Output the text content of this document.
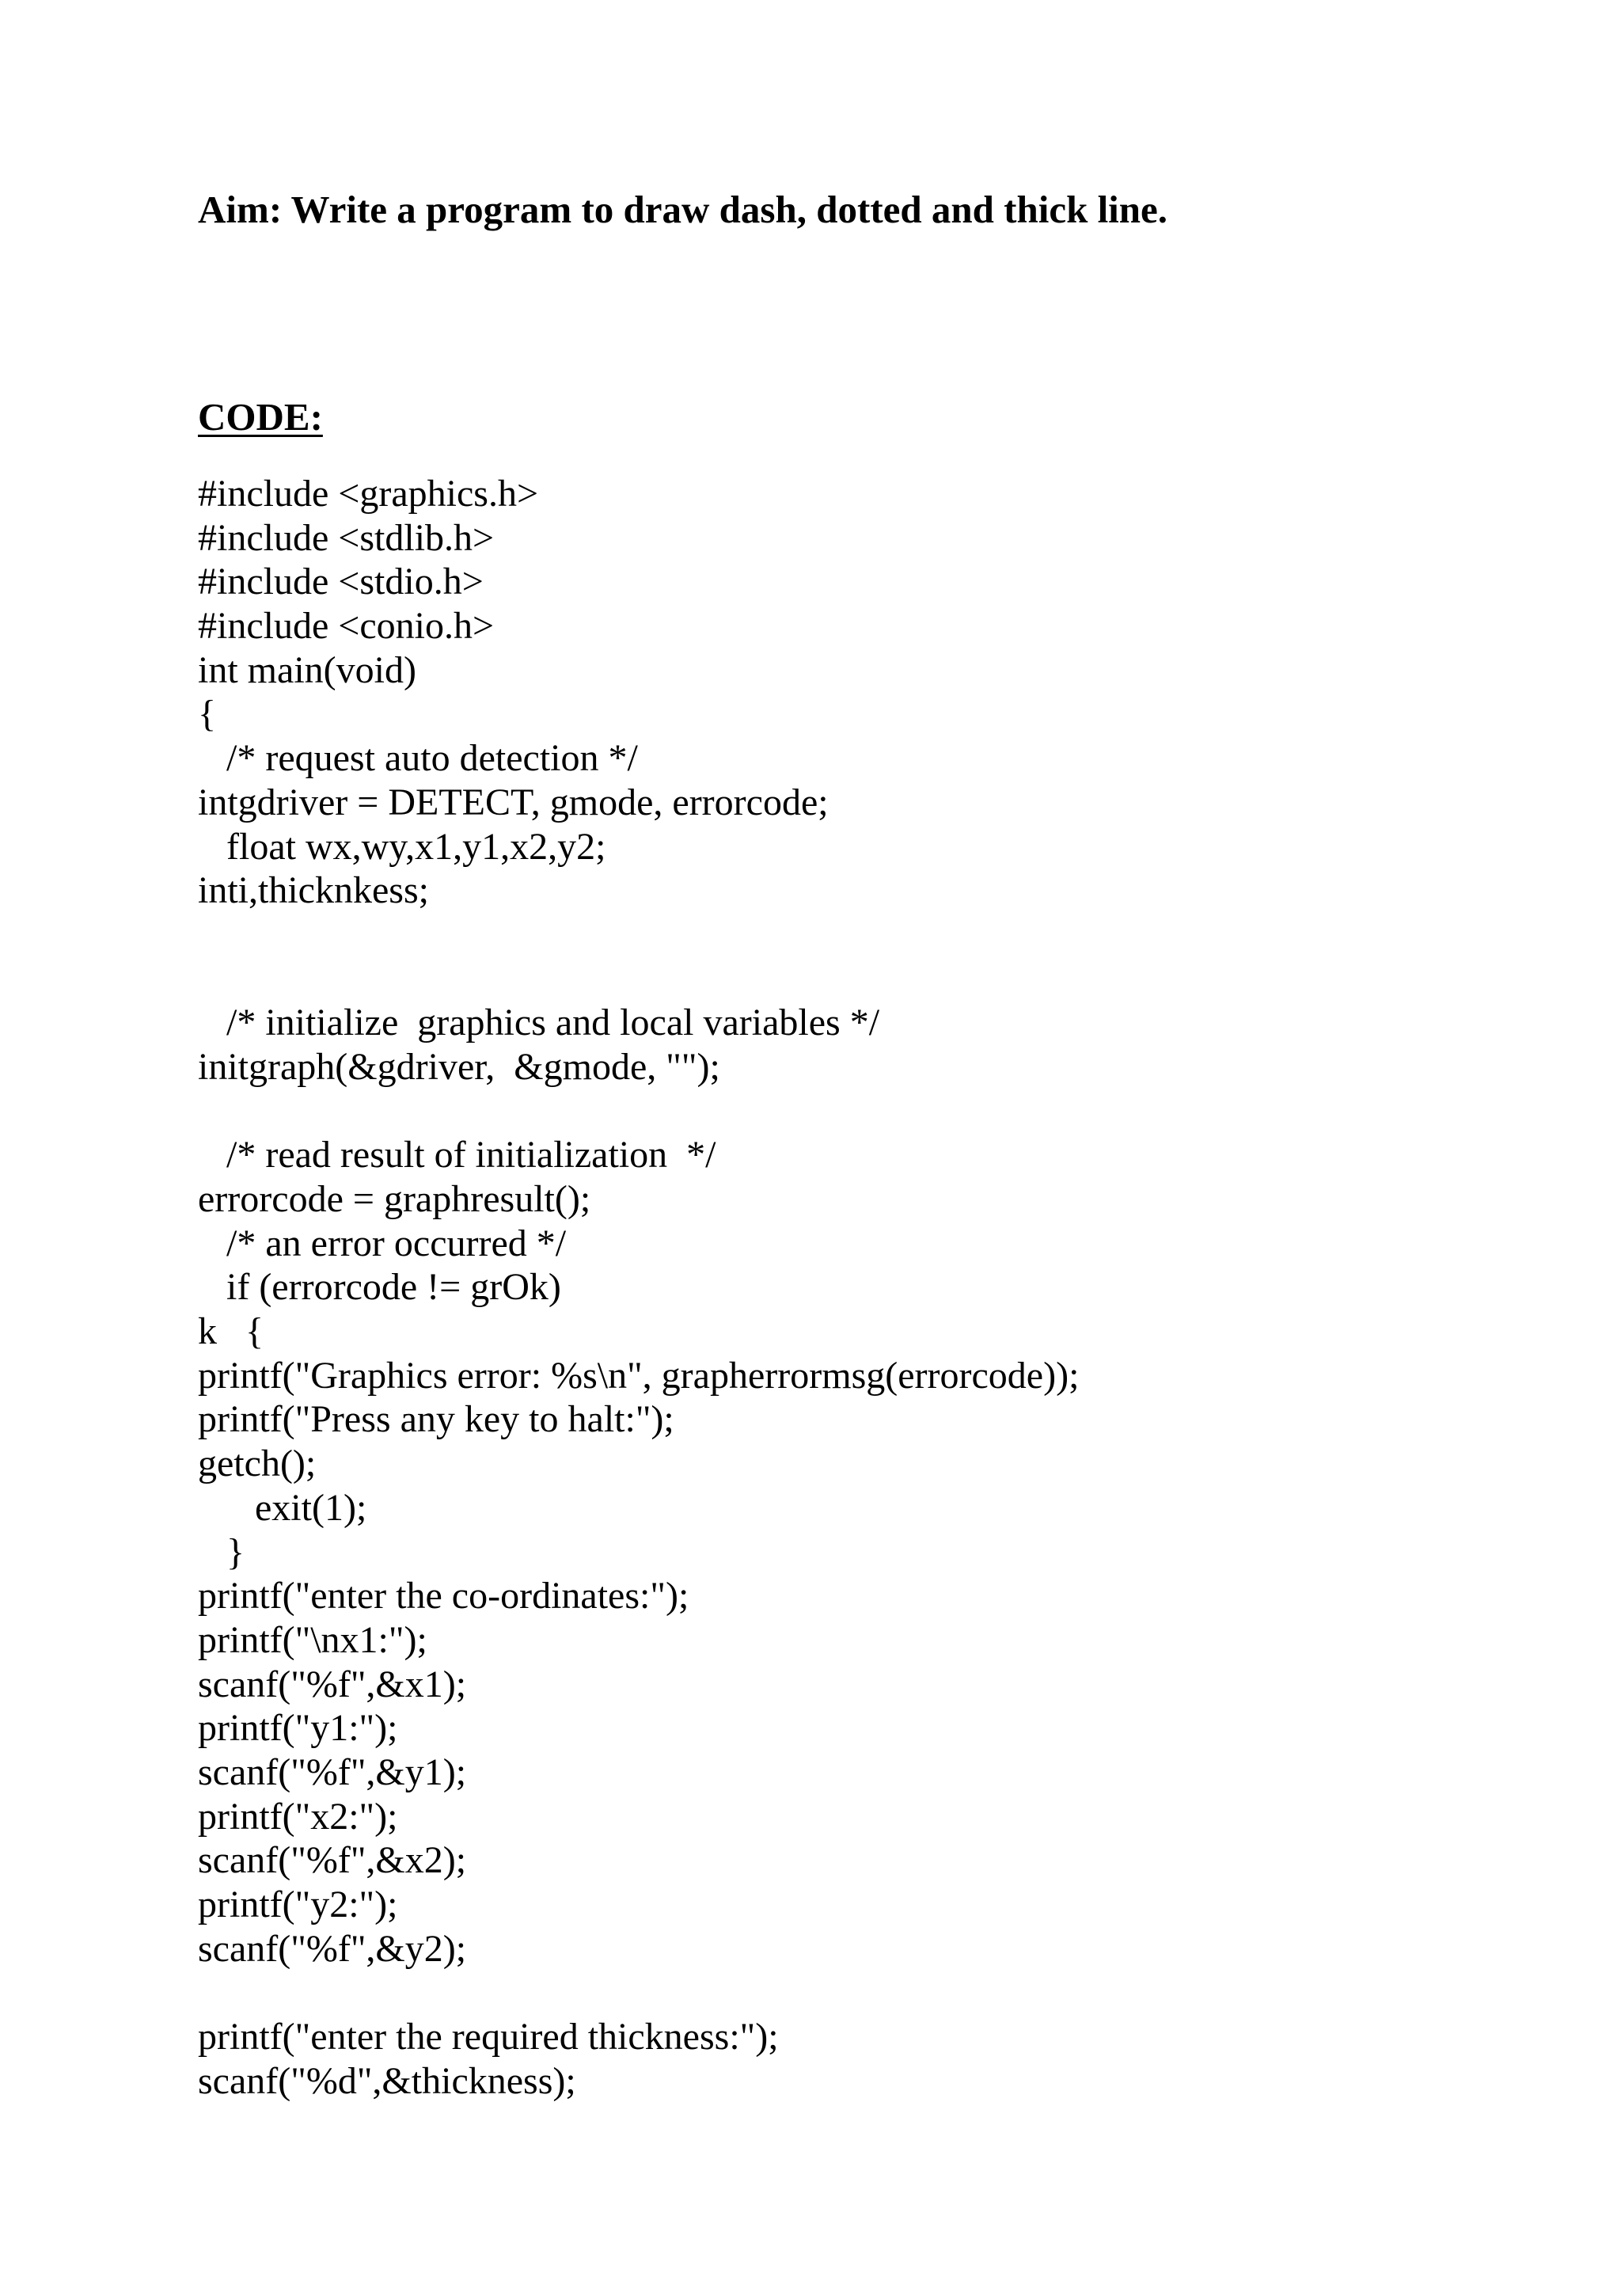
Aim: Write a program to draw dash, dotted and thick line.
CODE:
#include <graphics.h>
#include <stdlib.h>
#include <stdio.h>
#include <conio.h>
int main(void)
{
/* request auto detection */
intgdriver = DETECT, gmode, errorcode;
float wx,wy,x1,y1,x2,y2;
inti,thicknkess;
/* initialize  graphics and local variables */
initgraph(&gdriver,  &gmode, "");
/* read result of initialization  */
errorcode = graphresult();
/* an error occurred */
if (errorcode != grOk)
k   {
printf("Graphics error: %s\n", grapherrormsg(errorcode));
printf("Press any key to halt:");
getch();
exit(1);
}
printf("enter the co-ordinates:");
printf("\nx1:");
scanf("%f",&x1);
printf("y1:");
scanf("%f",&y1);
printf("x2:");
scanf("%f",&x2);
printf("y2:");
scanf("%f",&y2);
printf("enter the required thickness:");
scanf("%d",&thickness);
